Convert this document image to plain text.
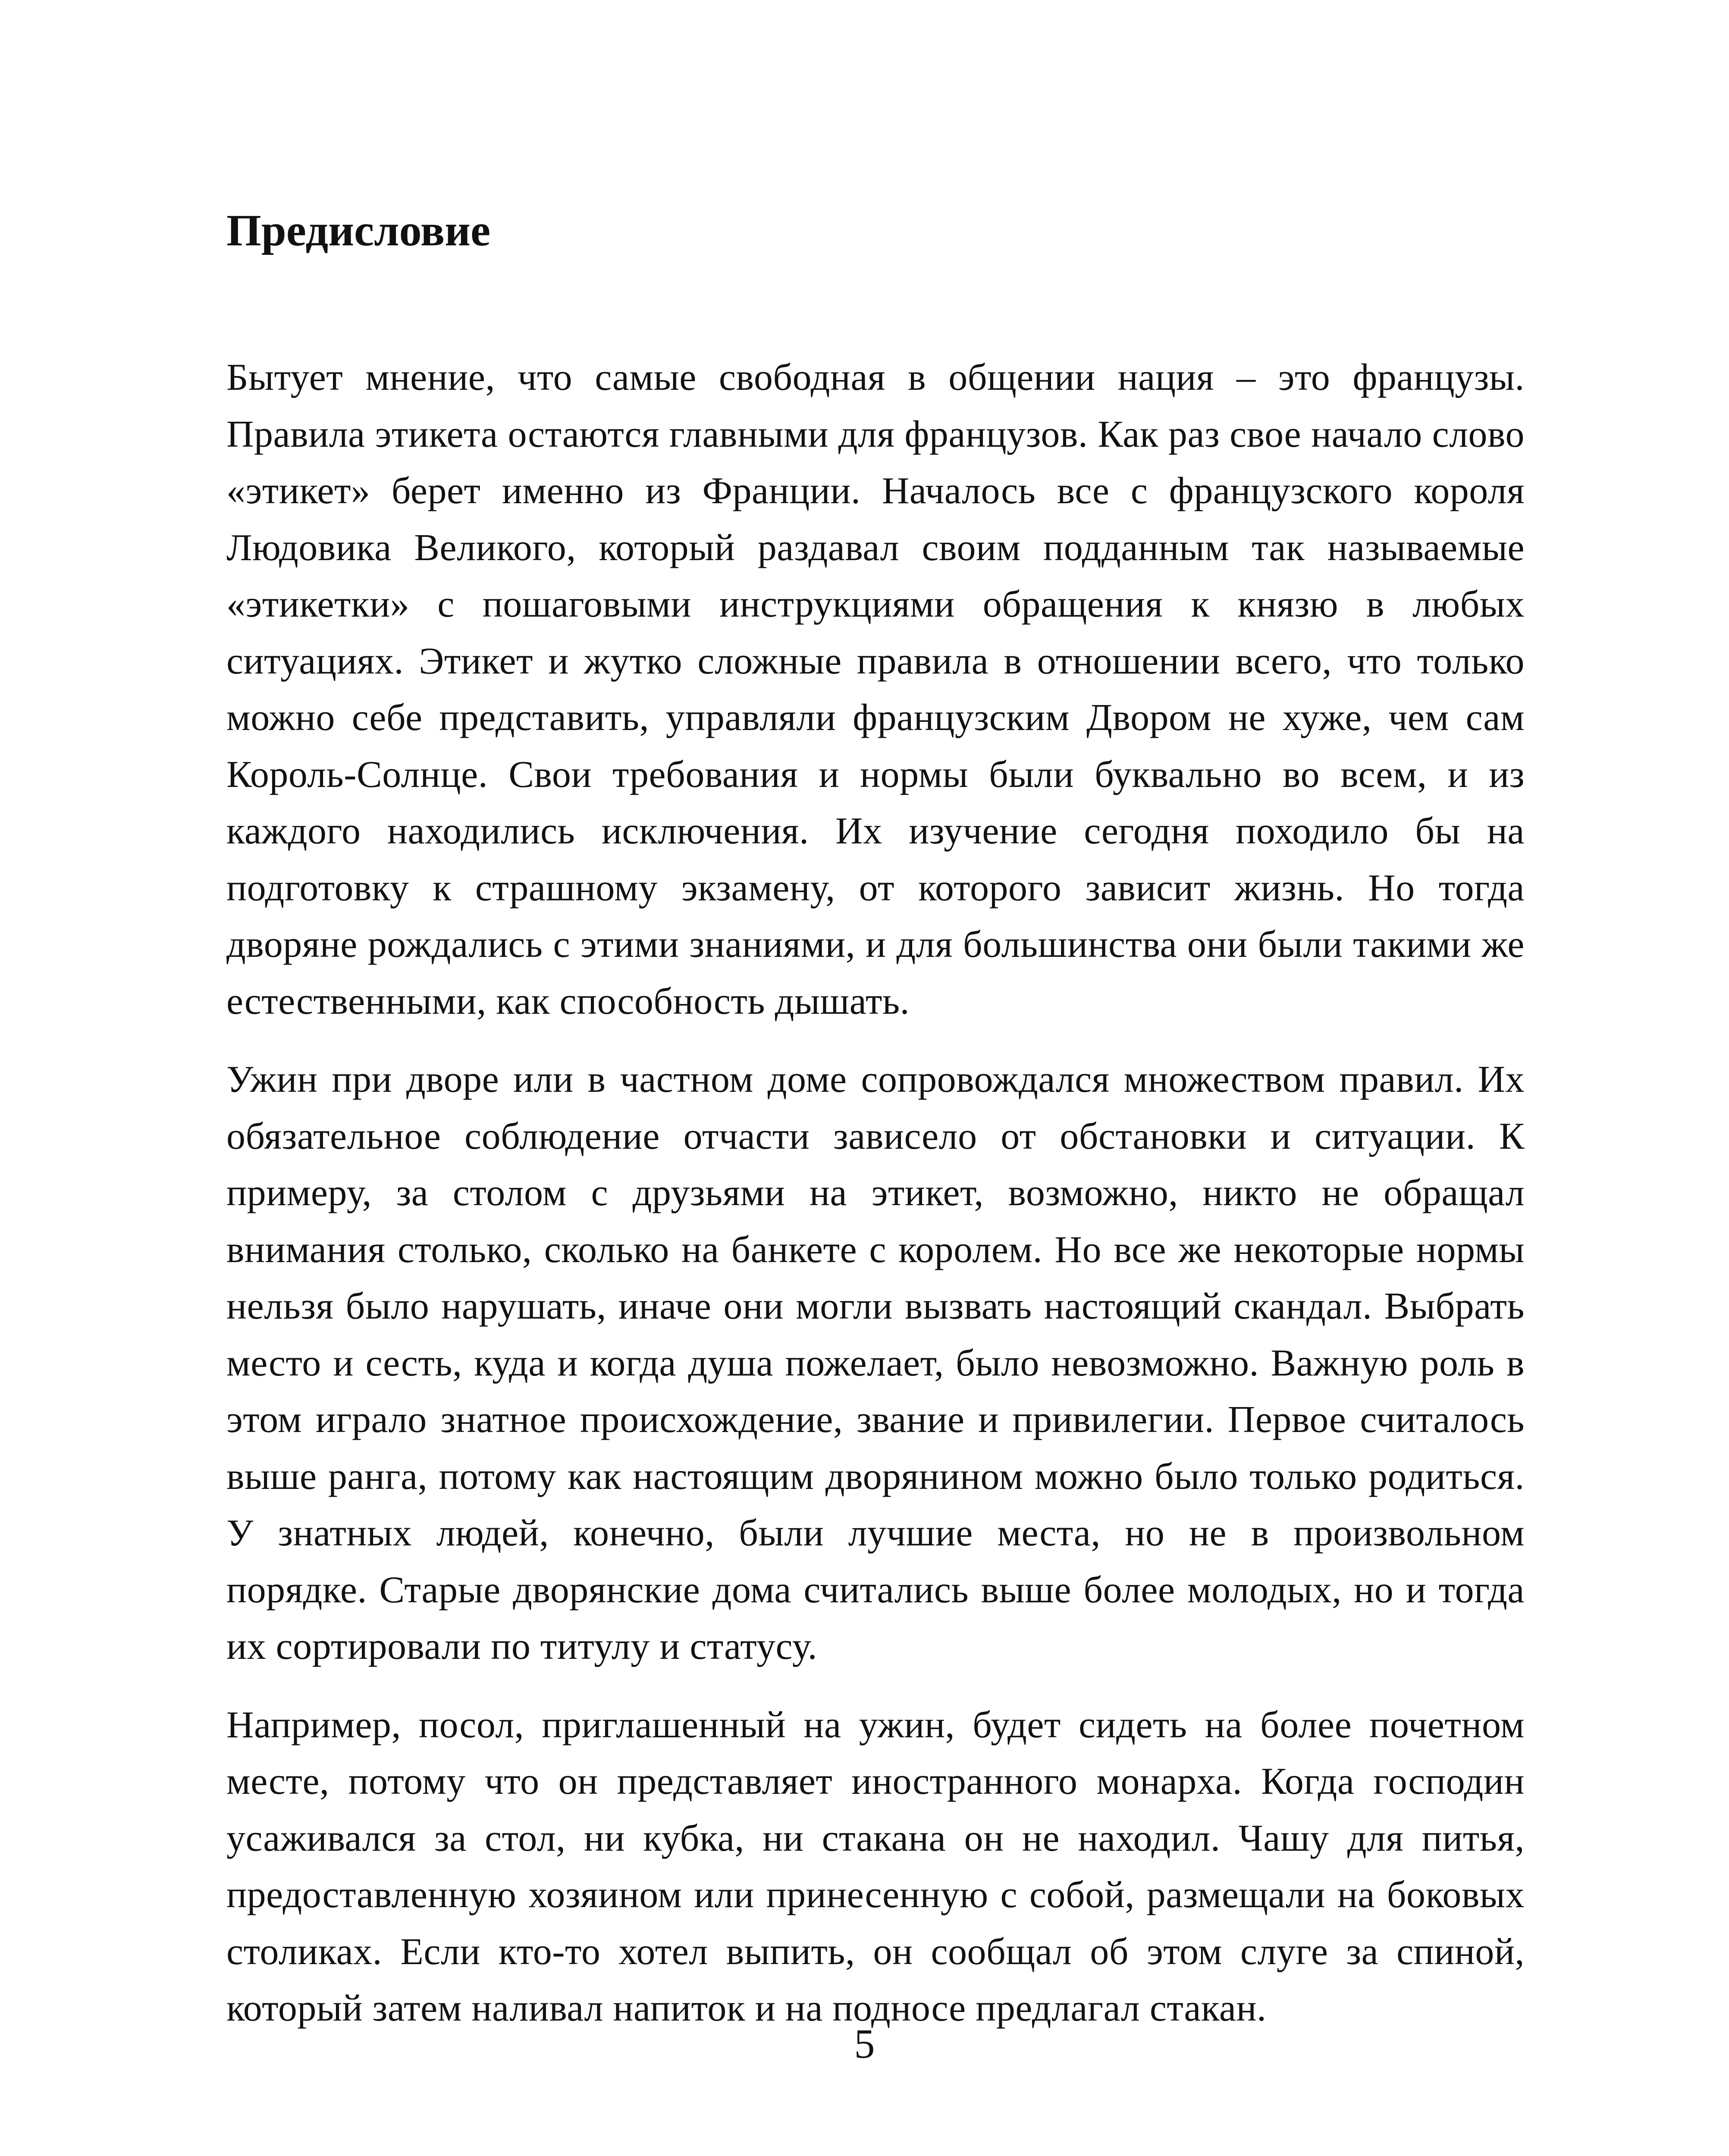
Предисловие

Бытует мнение, что самые свободная в общении нация – это французы. Правила этикета остаются главными для французов. Как раз свое начало слово «этикет» берет именно из Франции. Началось все с французского короля Людовика Великого, который раздавал своим подданным так называемые «этикетки» с пошаговыми инструкциями обращения к князю в любых ситуациях. Этикет и жутко сложные правила в отношении всего, что только можно себе представить, управляли французским Двором не хуже, чем сам Король-Солнце. Свои требования и нормы были буквально во всем, и из каждого находились исключения. Их изучение сегодня походило бы на подготовку к страшному экзамену, от которого зависит жизнь. Но тогда дворяне рождались с этими знаниями, и для большинства они были такими же естественными, как способность дышать.

Ужин при дворе или в частном доме сопровождался множеством правил. Их обязательное соблюдение отчасти зависело от обстановки и ситуации. К примеру, за столом с друзьями на этикет, возможно, никто не обращал внимания столько, сколько на банкете с королем. Но все же некоторые нормы нельзя было нарушать, иначе они могли вызвать настоящий скандал. Выбрать место и сесть, куда и когда душа пожелает, было невозможно. Важную роль в этом играло знатное происхождение, звание и привилегии. Первое считалось выше ранга, потому как настоящим дворянином можно было только родиться. У знатных людей, конечно, были лучшие места, но не в произвольном порядке. Старые дворянские дома считались выше более молодых, но и тогда их сортировали по титулу и статусу.

Например, посол, приглашенный на ужин, будет сидеть на более почетном месте, потому что он представляет иностранного монарха. Когда господин усаживался за стол, ни кубка, ни стакана он не находил. Чашу для питья, предоставленную хозяином или принесенную с собой, размещали на боковых столиках. Если кто-то хотел выпить, он сообщал об этом слуге за спиной, который затем наливал напиток и на подносе предлагал стакан.

5
